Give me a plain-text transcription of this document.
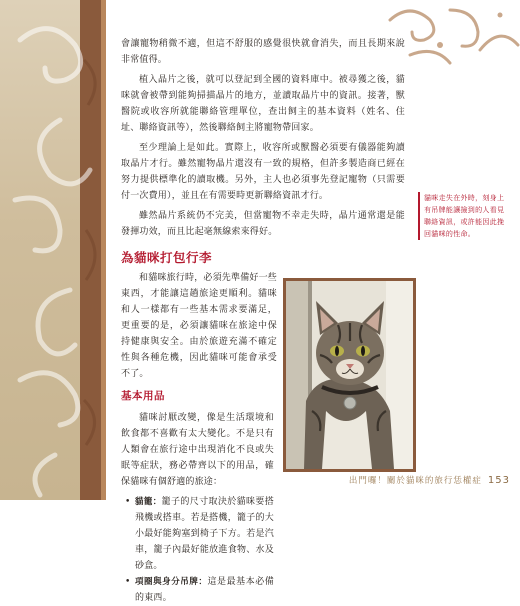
會讓寵物稍微不適，但這不舒服的感覺很快就會消失，而且長期來說非常值得。

植入晶片之後，就可以登記到全國的資料庫中。被尋獲之後，貓咪就會被帶到能夠掃描晶片的地方，並讀取晶片中的資訊。接著，獸醫院或收容所就能聯絡管理單位，查出飼主的基本資料（姓名、住址、聯絡資訊等），然後聯絡飼主將寵物帶回家。

至少理論上是如此。實際上，收容所或獸醫必須要有儀器能夠讀取晶片才行。雖然寵物晶片還沒有一致的規格，但許多製造商已經在努力提供標準化的讀取機。另外，主人也必須事先登記寵物（只需要付一次費用），並且在有需要時更新聯絡資訊才行。

雖然晶片系統仍不完美，但當寵物不幸走失時，晶片通常還是能發揮功效，而且比起毫無線索來得好。

為貓咪打包行李

和貓咪旅行時，必須先準備好一些東西，才能讓這趟旅途更順利。貓咪和人一樣都有一些基本需求要滿足，更重要的是，必須讓貓咪在旅途中保持健康與安全。由於旅遊充滿不確定性與各種危機，因此貓咪可能會承受不了。

基本用品

貓咪討厭改變，像是生活環境和飲食都不喜歡有太大變化。不是只有人類會在旅行途中出現消化不良或失眠等症狀，務必帶齊以下的用品，確保貓咪有個舒適的旅途：

• 貓籠：籠子的尺寸取決於貓咪要搭飛機或搭車。若是搭機，籠子的大小最好能夠塞到椅子下方。若是汽車，籠子內最好能放進食物、水及砂盒。
• 項圈與身分吊牌：這是最基本必備的東西。
貓咪走失在外時，刻身上有吊牌能讓撿到的人看見聯絡資訊，或許能因此挽回貓咪的性命。
出門囉！關於貓咪的旅行恁權症 153
